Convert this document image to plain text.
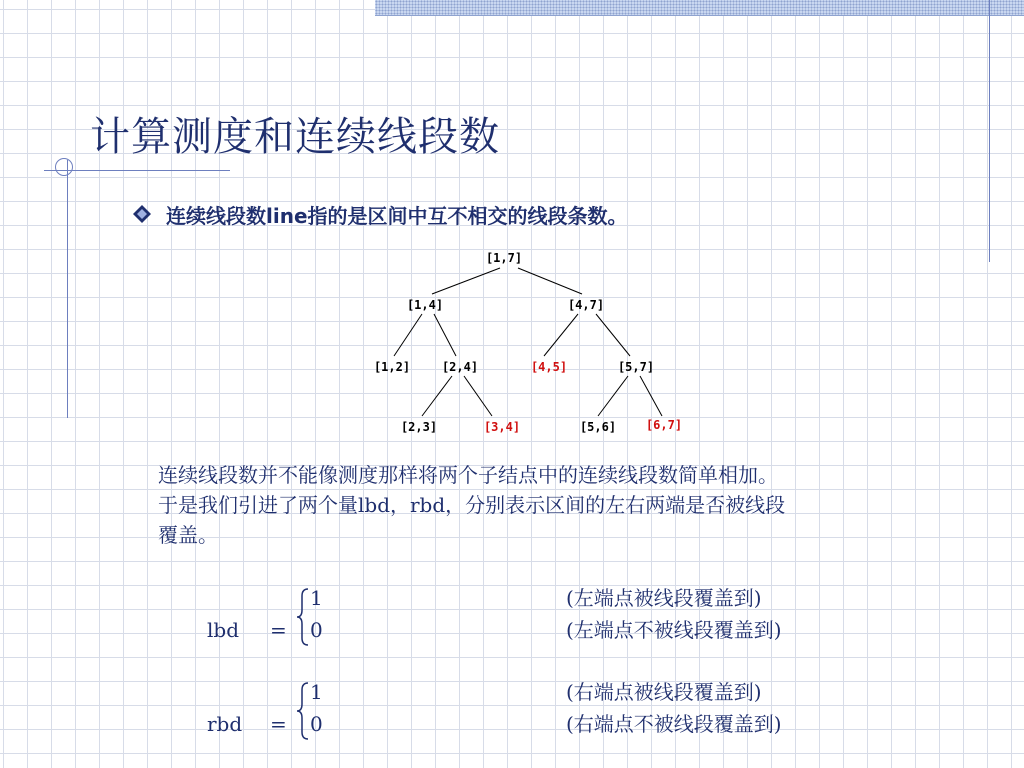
计算测度和连续线段数
连续线段数line指的是区间中互不相交的线段条数。
[1,7]
[1,4]	[4,7]
[1,2]	[2,4]	[4,5]	[5,7]
[2,3]	[3,4]	[5,6] [6,7]
连续线段数并不能像测度那样将两个子结点中的连续线段数简单相加。
于是我们引进了两个量lbd，rbd，分别表示区间的左右两端是否被线段
覆盖。
1	(左端点被线段覆盖到)
lbd = 0	(左端点不被线段覆盖到)
1	(右端点被线段覆盖到)
rbd = 0	(右端点不被线段覆盖到)
